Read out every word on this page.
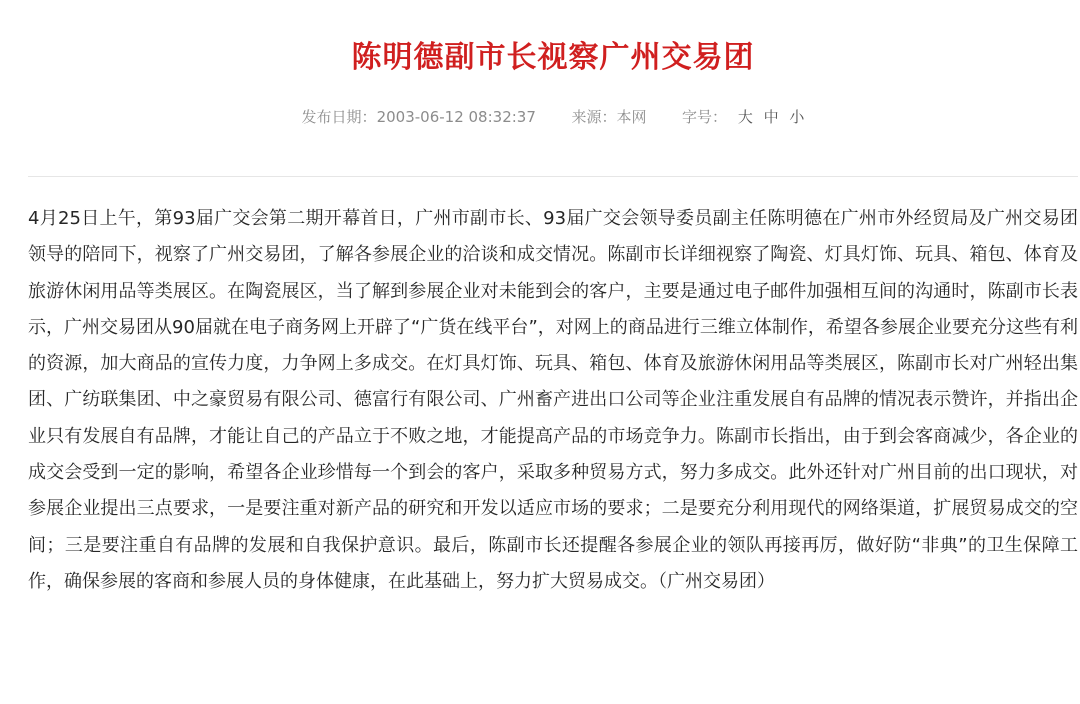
陈明德副市长视察广州交易团
发布日期：2003-06-12 08:32:37 来源：本网 字号： 大 中 小

4月25日上午，第93届广交会第二期开幕首日，广州市副市长、93届广交会领导委员副主任陈明德在广州市外经贸局及广州交易团领导的陪同下，视察了广州交易团，了解各参展企业的洽谈和成交情况。陈副市长详细视察了陶瓷、灯具灯饰、玩具、箱包、体育及旅游休闲用品等类展区。在陶瓷展区，当了解到参展企业对未能到会的客户，主要是通过电子邮件加强相互间的沟通时，陈副市长表示，广州交易团从90届就在电子商务网上开辟了“广货在线平台”，对网上的商品进行三维立体制作，希望各参展企业要充分这些有利的资源，加大商品的宣传力度，力争网上多成交。在灯具灯饰、玩具、箱包、体育及旅游休闲用品等类展区，陈副市长对广州轻出集团、广纺联集团、中之豪贸易有限公司、德富行有限公司、广州畜产进出口公司等企业注重发展自有品牌的情况表示赞许，并指出企业只有发展自有品牌，才能让自己的产品立于不败之地，才能提高产品的市场竞争力。陈副市长指出，由于到会客商减少，各企业的成交会受到一定的影响，希望各企业珍惜每一个到会的客户，采取多种贸易方式，努力多成交。此外还针对广州目前的出口现状，对参展企业提出三点要求，一是要注重对新产品的研究和开发以适应市场的要求；二是要充分利用现代的网络渠道，扩展贸易成交的空间；三是要注重自有品牌的发展和自我保护意识。最后，陈副市长还提醒各参展企业的领队再接再厉，做好防“非典”的卫生保障工作，确保参展的客商和参展人员的身体健康，在此基础上，努力扩大贸易成交。（广州交易团）
